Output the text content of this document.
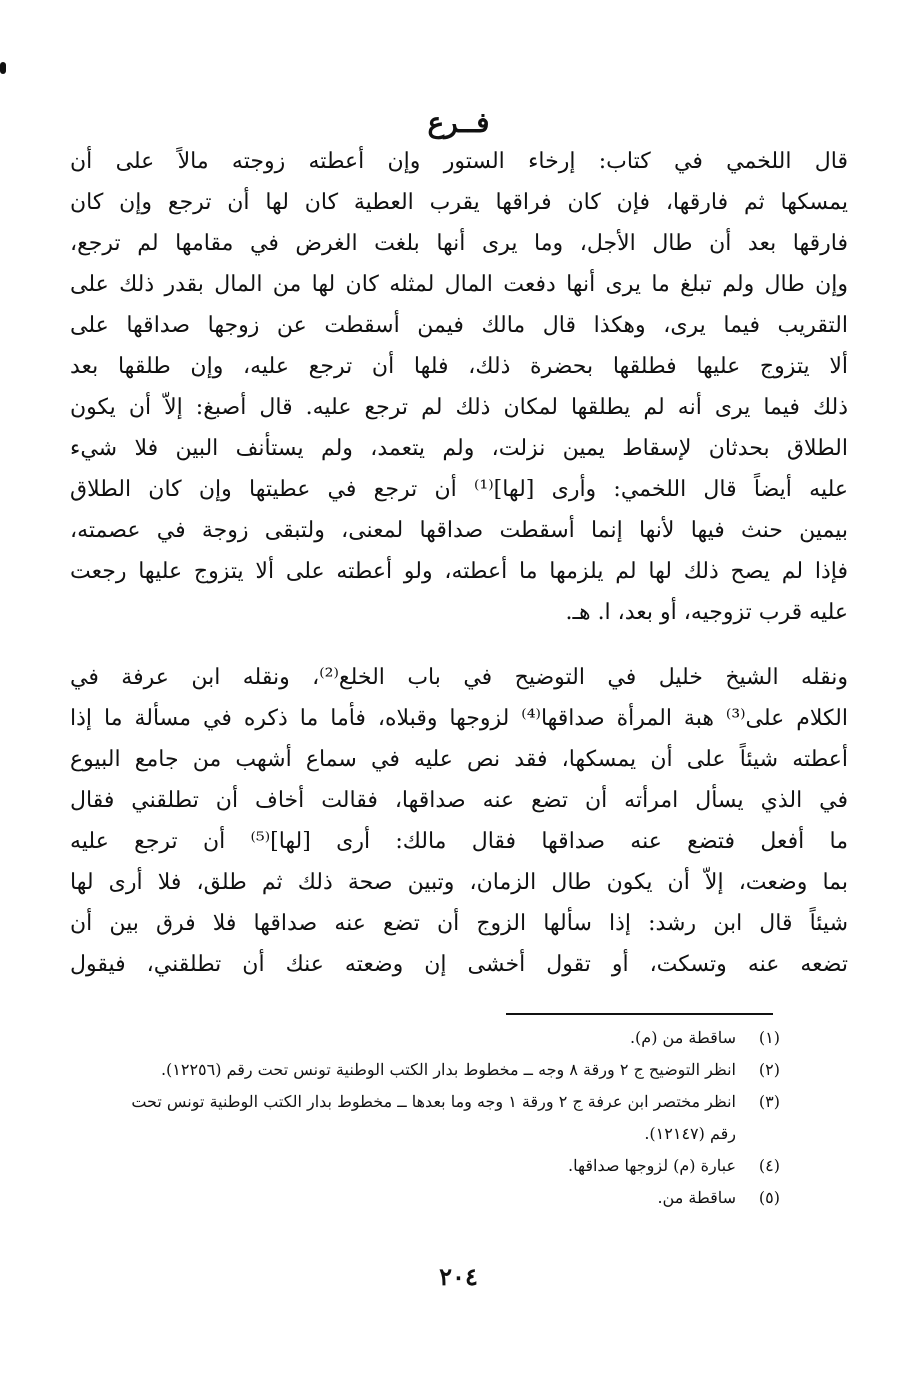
فــرع
قال اللخمي في كتاب: إرخاء الستور وإن أعطته زوجته مالاً على أن
يمسكها ثم فارقها، فإن كان فراقها يقرب العطية كان لها أن ترجع وإن كان
فارقها بعد أن طال الأجل، وما يرى أنها بلغت الغرض في مقامها لم ترجع،
وإن طال ولم تبلغ ما يرى أنها دفعت المال لمثله كان لها من المال بقدر ذلك على
التقريب فيما يرى، وهكذا قال مالك فيمن أسقطت عن زوجها صداقها على
ألا يتزوج عليها فطلقها بحضرة ذلك، فلها أن ترجع عليه، وإن طلقها بعد
ذلك فيما يرى أنه لم يطلقها لمكان ذلك لم ترجع عليه. قال أصبغ: إلاّ أن يكون
الطلاق بحدثان لإسقاط يمين نزلت، ولم يتعمد، ولم يستأنف البين فلا شيء
عليه أيضاً قال اللخمي: وأرى [لها]⁽¹⁾ أن ترجع في عطيتها وإن كان الطلاق
بيمين حنث فيها لأنها إنما أسقطت صداقها لمعنى، ولتبقى زوجة في عصمته،
فإذا لم يصح ذلك لها لم يلزمها ما أعطته، ولو أعطته على ألا يتزوج عليها رجعت
عليه قرب تزوجيه، أو بعد، ا. هـ.
ونقله الشيخ خليل في التوضيح في باب الخلع⁽²⁾، ونقله ابن عرفة في
الكلام على⁽³⁾ هبة المرأة صداقها⁽⁴⁾ لزوجها وقبلاه، فأما ما ذكره في مسألة ما إذا
أعطته شيئاً على أن يمسكها، فقد نص عليه في سماع أشهب من جامع البيوع
في الذي يسأل امرأته أن تضع عنه صداقها، فقالت أخاف أن تطلقني فقال
ما أفعل فتضع عنه صداقها فقال مالك: أرى [لها]⁽⁵⁾ أن ترجع عليه
بما وضعت، إلاّ أن يكون طال الزمان، وتبين صحة ذلك ثم طلق، فلا أرى لها
شيئاً قال ابن رشد: إذا سألها الزوج أن تضع عنه صداقها فلا فرق بين أن
تضعه عنه وتسكت، أو تقول أخشى إن وضعته عنك أن تطلقني، فيقول
(١)
ساقطة من (م).
(٢)
انظر التوضيح ج ٢ ورقة ٨ وجه ــ مخطوط بدار الكتب الوطنية تونس تحت رقم (١٢٢٥٦).
(٣)
انظر مختصر ابن عرفة ج ٢ ورقة ١ وجه وما بعدها ــ مخطوط بدار الكتب الوطنية تونس تحت
رقم (١٢١٤٧).
(٤)
عبارة (م) لزوجها صداقها.
(٥)
ساقطة من.
٢٠٤
